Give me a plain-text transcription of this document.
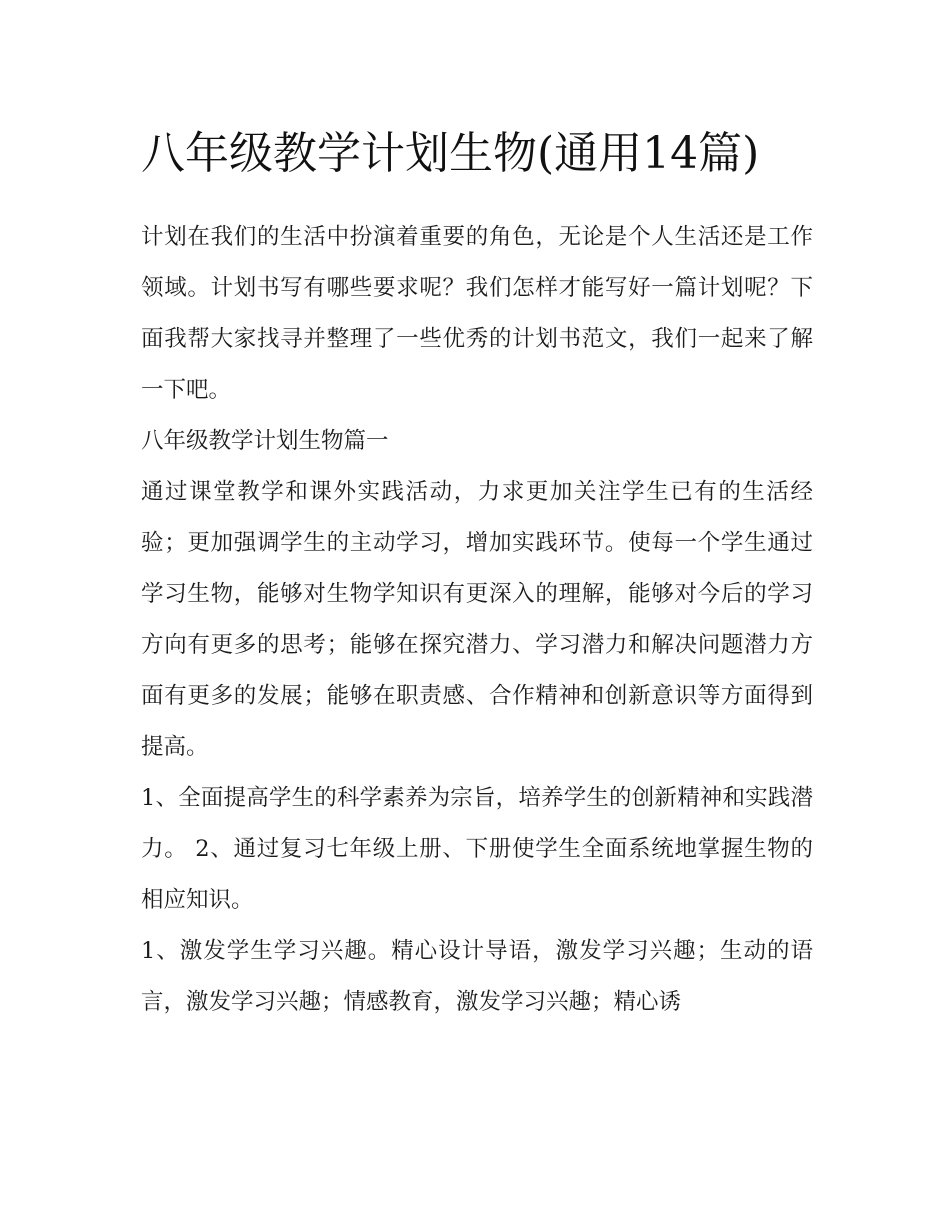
八年级教学计划生物(通用14篇)

计划在我们的生活中扮演着重要的角色，无论是个人生活还是工作领域。计划书写有哪些要求呢？我们怎样才能写好一篇计划呢？下面我帮大家找寻并整理了一些优秀的计划书范文，我们一起来了解一下吧。

八年级教学计划生物篇一

通过课堂教学和课外实践活动，力求更加关注学生已有的生活经验；更加强调学生的主动学习，增加实践环节。使每一个学生通过学习生物，能够对生物学知识有更深入的理解，能够对今后的学习方向有更多的思考；能够在探究潜力、学习潜力和解决问题潜力方面有更多的发展；能够在职责感、合作精神和创新意识等方面得到提高。

1、全面提高学生的科学素养为宗旨，培养学生的创新精神和实践潜力。 2、通过复习七年级上册、下册使学生全面系统地掌握生物的相应知识。

1、激发学生学习兴趣。精心设计导语，激发学习兴趣；生动的语言，激发学习兴趣；情感教育，激发学习兴趣；精心诱
